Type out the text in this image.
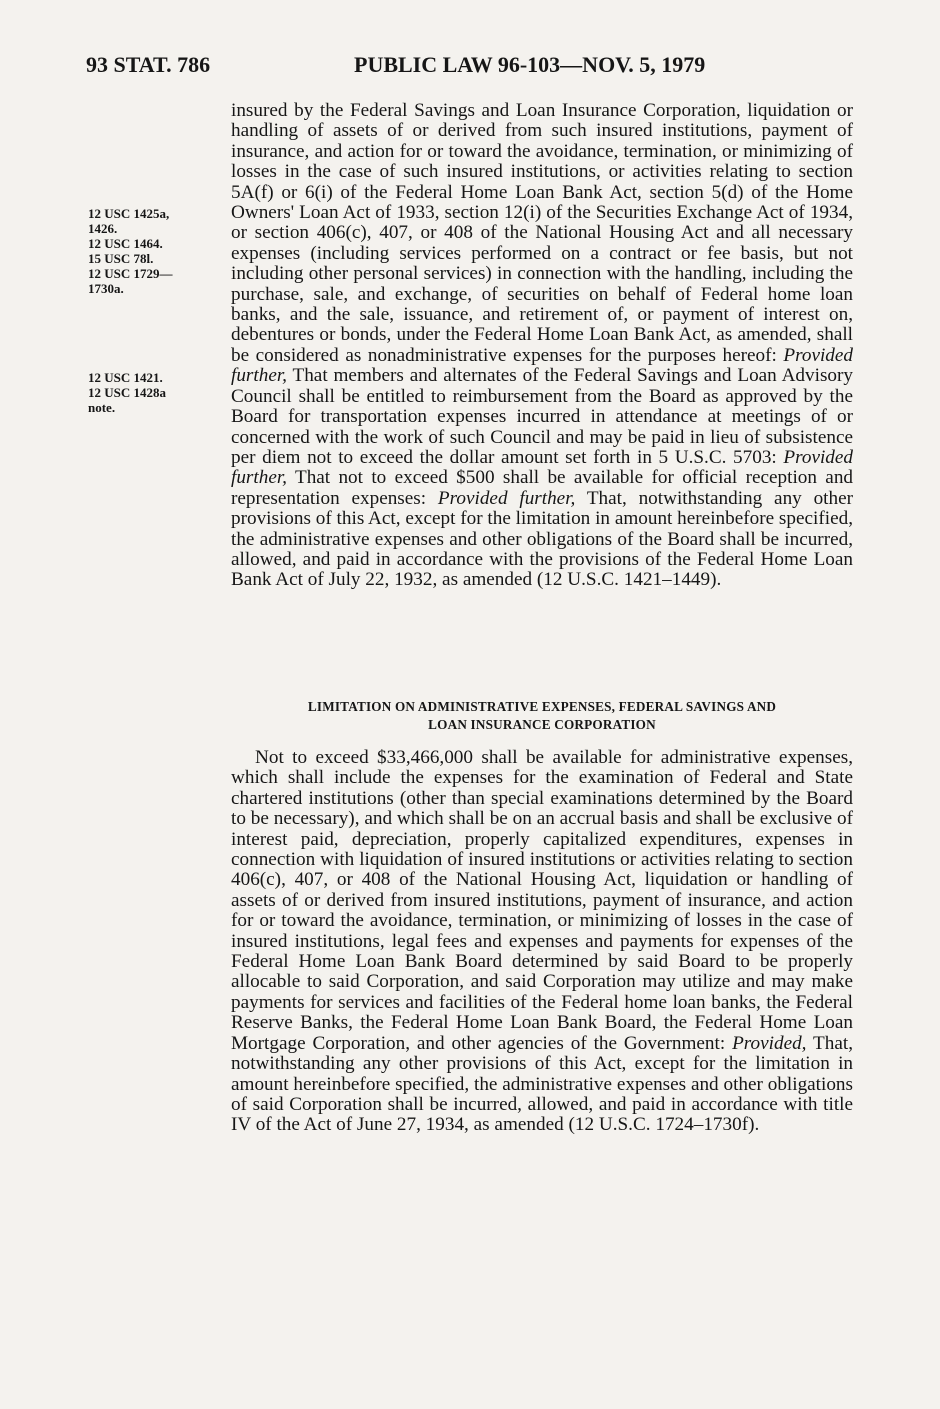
93 STAT. 786	PUBLIC LAW 96-103—NOV. 5, 1979
12 USC 1425a,
1426.
12 USC 1464.
15 USC 78l.
12 USC 1729—
1730a.
12 USC 1421.
12 USC 1428a
note.

insured by the Federal Savings and Loan Insurance Corporation, liquidation or handling of assets of or derived from such insured institutions, payment of insurance, and action for or toward the avoidance, termination, or minimizing of losses in the case of such insured institutions, or activities relating to section 5A(f) or 6(i) of the Federal Home Loan Bank Act, section 5(d) of the Home Owners' Loan Act of 1933, section 12(i) of the Securities Exchange Act of 1934, or section 406(c), 407, or 408 of the National Housing Act and all necessary expenses (including services performed on a contract or fee basis, but not including other personal services) in connection with the handling, including the purchase, sale, and exchange, of securities on behalf of Federal home loan banks, and the sale, issuance, and retirement of, or payment of interest on, debentures or bonds, under the Federal Home Loan Bank Act, as amended, shall be considered as nonadministrative expenses for the purposes hereof: Provided further, That members and alternates of the Federal Savings and Loan Advisory Council shall be entitled to reimbursement from the Board as approved by the Board for transportation expenses incurred in attendance at meetings of or concerned with the work of such Council and may be paid in lieu of subsistence per diem not to exceed the dollar amount set forth in 5 U.S.C. 5703: Provided further, That not to exceed $500 shall be available for official reception and representation expenses: Provided further, That, notwithstanding any other provisions of this Act, except for the limitation in amount hereinbefore specified, the administrative expenses and other obligations of the Board shall be incurred, allowed, and paid in accordance with the provisions of the Federal Home Loan Bank Act of July 22, 1932, as amended (12 U.S.C. 1421–1449).

LIMITATION ON ADMINISTRATIVE EXPENSES, FEDERAL SAVINGS AND
LOAN INSURANCE CORPORATION

Not to exceed $33,466,000 shall be available for administrative expenses, which shall include the expenses for the examination of Federal and State chartered institutions (other than special examinations determined by the Board to be necessary), and which shall be on an accrual basis and shall be exclusive of interest paid, depreciation, properly capitalized expenditures, expenses in connection with liquidation of insured institutions or activities relating to section 406(c), 407, or 408 of the National Housing Act, liquidation or handling of assets of or derived from insured institutions, payment of insurance, and action for or toward the avoidance, termination, or minimizing of losses in the case of insured institutions, legal fees and expenses and payments for expenses of the Federal Home Loan Bank Board determined by said Board to be properly allocable to said Corporation, and said Corporation may utilize and may make payments for services and facilities of the Federal home loan banks, the Federal Reserve Banks, the Federal Home Loan Bank Board, the Federal Home Loan Mortgage Corporation, and other agencies of the Government: Provided, That, notwithstanding any other provisions of this Act, except for the limitation in amount hereinbefore specified, the administrative expenses and other obligations of said Corporation shall be incurred, allowed, and paid in accordance with title IV of the Act of June 27, 1934, as amended (12 U.S.C. 1724–1730f).
